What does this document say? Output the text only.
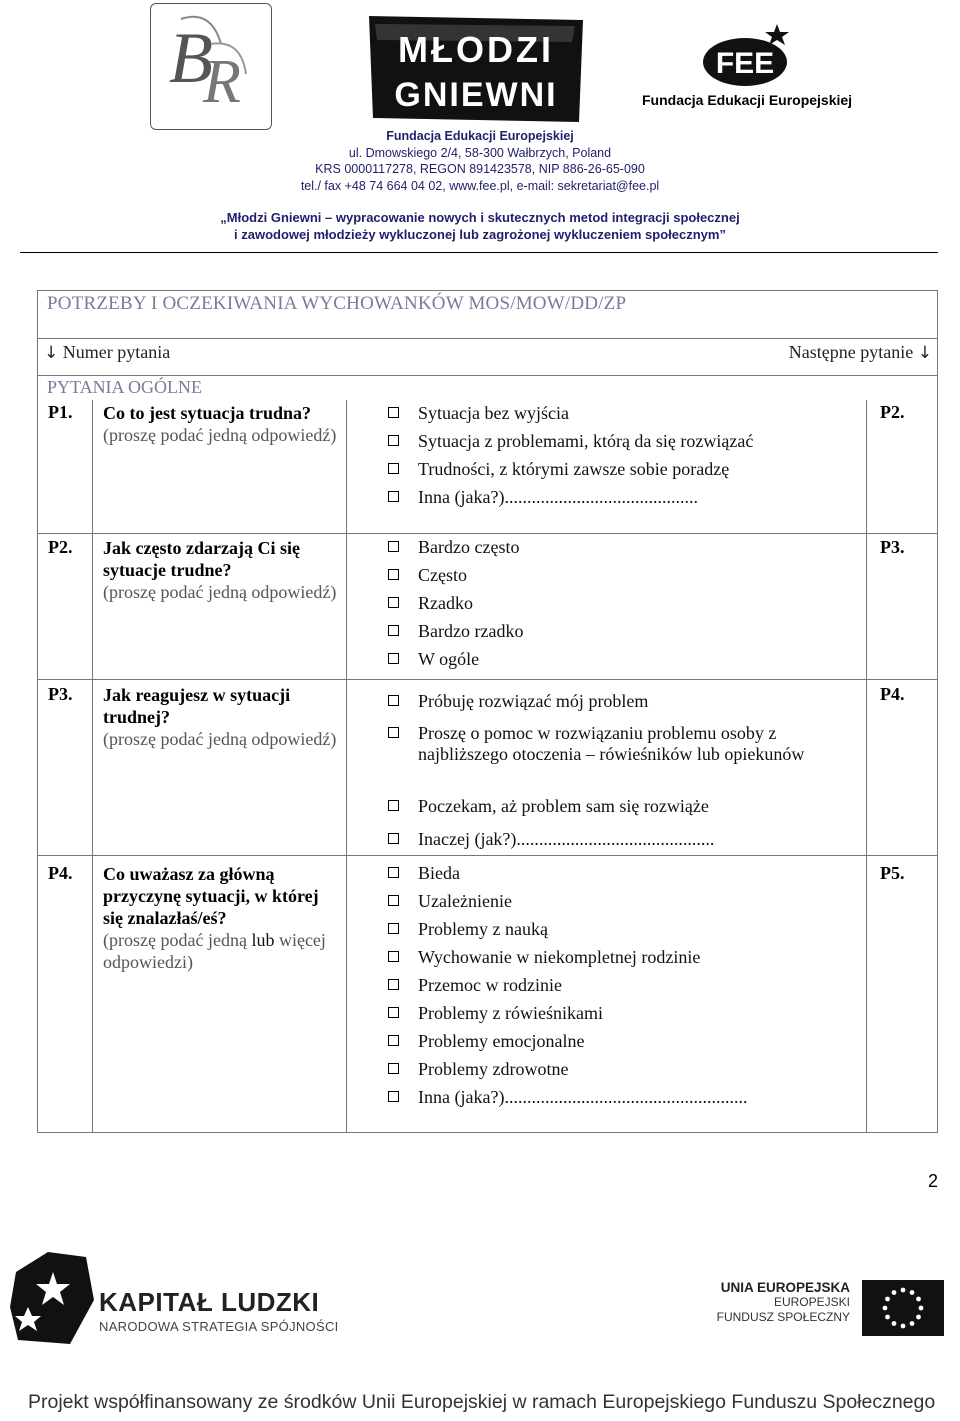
B
R	MŁODZI
GNIEWNI
FEE
Fundacja Edukacji Europejskiej
Fundacja Edukacji Europejskiej
ul. Dmowskiego 2/4, 58-300 Wałbrzych, Poland
KRS 0000117278, REGON 891423578, NIP 886-26-65-090
tel./ fax +48 74 664 04 02, www.fee.pl, e-mail: sekretariat@fee.pl
„Młodzi Gniewni – wypracowanie nowych i skutecznych metod integracji społecznej
i zawodowej młodzieży wykluczonej lub zagrożonej wykluczeniem społecznym”
POTRZEBY I OCZEKIWANIA WYCHOWANKÓW MOS/MOW/DD/ZP
↓ Numer pytania	Następne pytanie ↓
PYTANIA OGÓLNE
P1. Co to jest sytuacja trudna?
(proszę podać jedną odpowiedź)
Sytuacja bez wyjścia
Sytuacja z problemami, którą da się rozwiązać
Trudności, z którymi zawsze sobie poradzę
Inna (jaka?)...........................................
P2.
P2. Jak często zdarzają Ci się sytuacje trudne?
(proszę podać jedną odpowiedź)
Bardzo często
Często
Rzadko
Bardzo rzadko
W ogóle
P3.
P3. Jak reagujesz w sytuacji trudnej?
(proszę podać jedną odpowiedź)
Próbuję rozwiązać mój problem
Proszę o pomoc w rozwiązaniu problemu osoby z najbliższego otoczenia – rówieśników lub opiekunów
Poczekam, aż problem sam się rozwiąże
Inaczej (jak?)............................................
P4.
P4. Co uważasz za główną przyczynę sytuacji, w której się znalazłaś/eś?
(proszę podać jedną lub więcej odpowiedzi)
Bieda
Uzależnienie
Problemy z nauką
Wychowanie w niekompletnej rodzinie
Przemoc w rodzinie
Problemy z rówieśnikami
Problemy emocjonalne
Problemy zdrowotne
Inna (jaka?)......................................................
P5.
2
KAPITAŁ LUDZKI
NARODOWA STRATEGIA SPÓJNOŚCI
UNIA EUROPEJSKA
EUROPEJSKI
FUNDUSZ SPOŁECZNY
Projekt współfinansowany ze środków Unii Europejskiej w ramach Europejskiego Funduszu Społecznego
